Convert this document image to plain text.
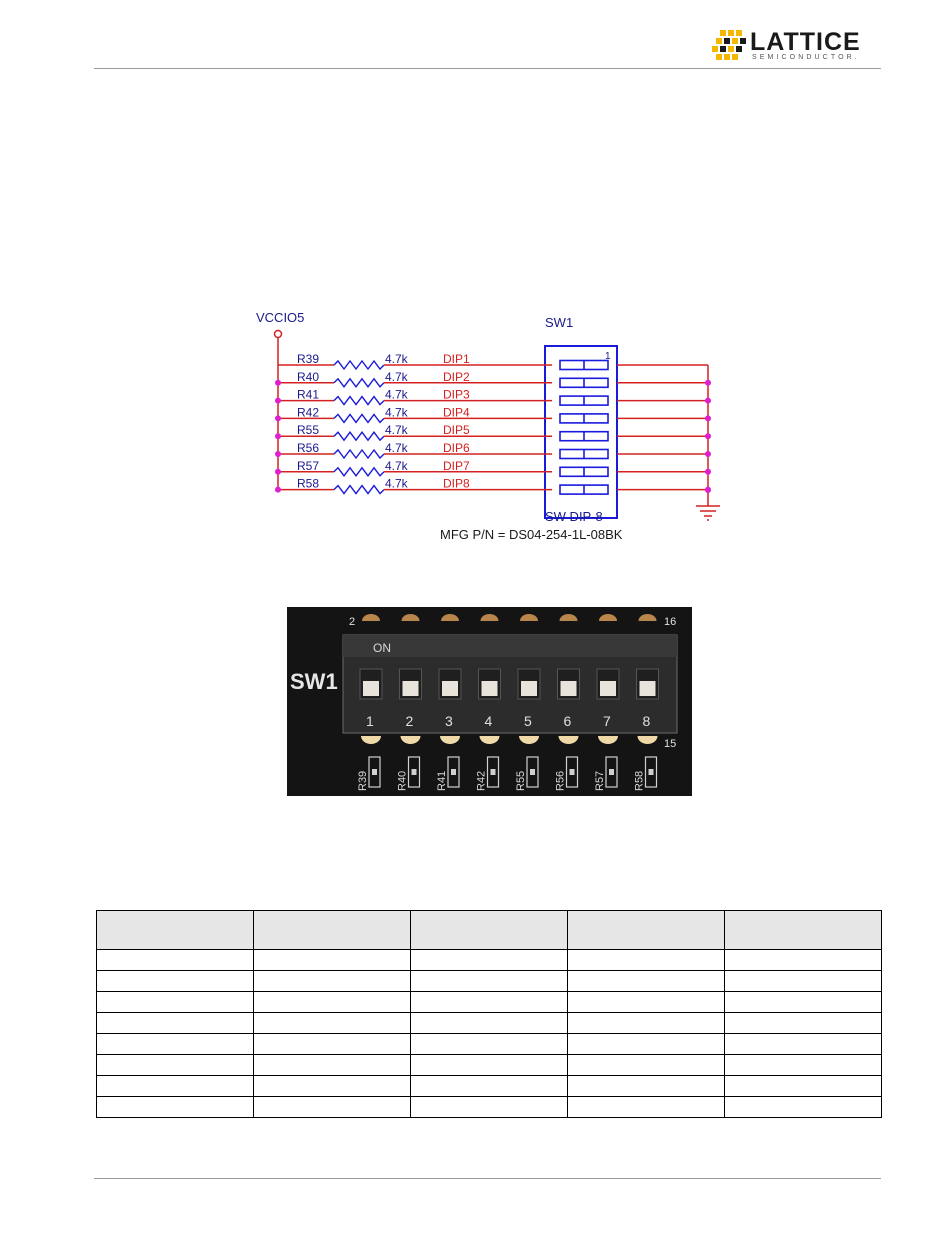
LATTICE
SEMICONDUCTOR.
VCCIO5	SW1
1
R39	4.7k	DIP1
R40	4.7k	DIP2
R41	4.7k	DIP3
R42	4.7k	DIP4
R55	4.7k	DIP5
R56	4.7k	DIP6
R57	4.7k	DIP7
R58	4.7k	DIP8
SW DIP-8
MFG P/N = DS04-254-1L-08BK
ON
SW1
2	16
15
1
R39
2
R40
3
R41
4
R42
5
R55
6
R56
7
R57
8
R58
